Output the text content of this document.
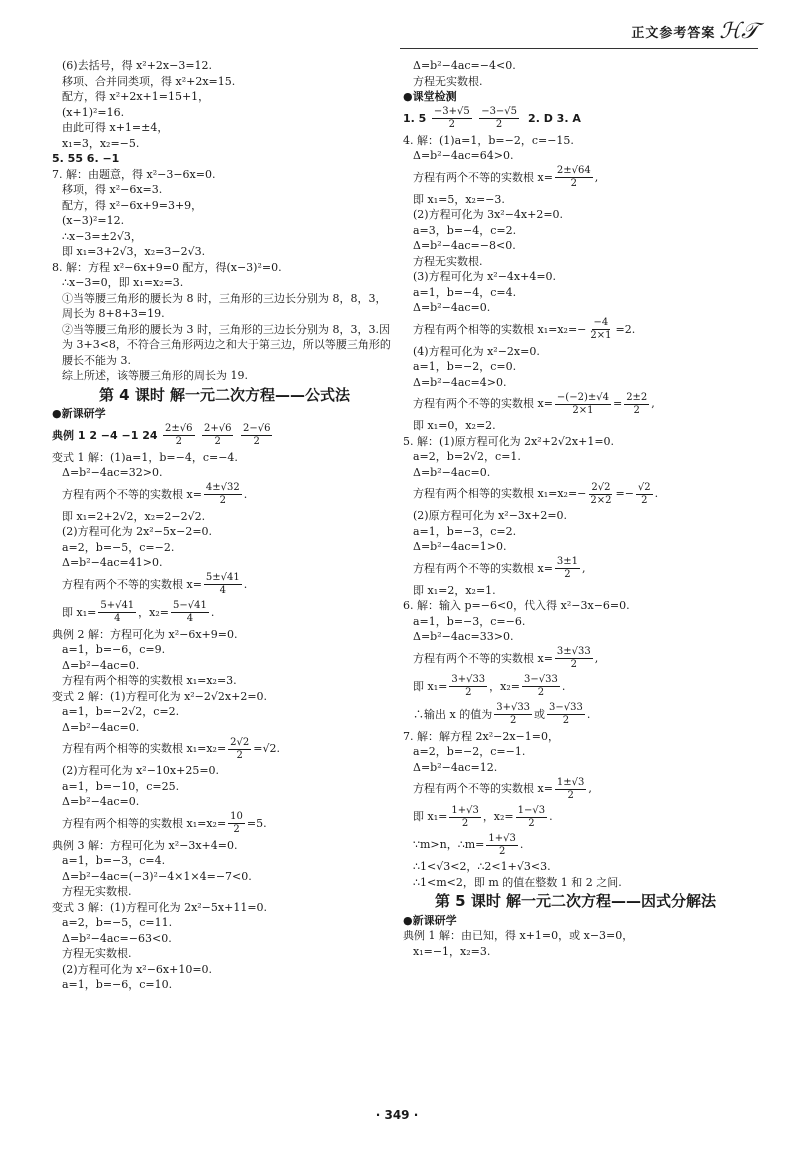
正文参考答案 ℋ𝒯
(6)去括号，得 x²+2x−3=12.
移项、合并同类项，得 x²+2x=15.
配方，得 x²+2x+1=15+1，
(x+1)²=16.
由此可得 x+1=±4，
x₁=3，x₂=−5.
5. 55 6. −1
7. 解：由题意，得 x²−3−6x=0.
移项，得 x²−6x=3.
配方，得 x²−6x+9=3+9，
(x−3)²=12.
∴x−3=±2√3，
即 x₁=3+2√3，x₂=3−2√3.
8. 解：方程 x²−6x+9=0 配方，得(x−3)²=0.
∴x−3=0，即 x₁=x₂=3.
①当等腰三角形的腰长为 8 时，三角形的三边长分别为 8，8，3，周长为 8+8+3=19.
②当等腰三角形的腰长为 3 时，三角形的三边长分别为 8，3，3.因为 3+3<8，不符合三角形两边之和大于第三边，所以等腰三角形的腰长不能为 3.
综上所述，该等腰三角形的周长为 19.
第 4 课时 解一元二次方程——公式法
●新课研学
典例 1 2 −4 −1 24
$\frac{2\pm√6}{2}$
$\frac{2+√6}{2}$
$\frac{2-√6}{2}$
变式 1 解：(1)a=1，b=−4，c=−4.
Δ=b²−4ac=32>0.
方程有两个不等的实数根 $x= \frac{4\pm√32}{2}$ .
即 x₁=2+2√2，x₂=2−2√2.
(2)方程可化为 2x²−5x−2=0.
a=2，b=−5，c=−2.
Δ=b²−4ac=41>0.
方程有两个不等的实数根 $x= \frac{5\pm√41}{4}$ .
即 $x_1= \frac{5+√41}{4}$ ，$x_2= \frac{5-√41}{4}$ .
典例 2 解：方程可化为 x²−6x+9=0.
a=1，b=−6，c=9.
Δ=b²−4ac=0.
方程有两个相等的实数根 x₁=x₂=3.
变式 2 解：(1)方程可化为 x²−2√2x+2=0.
a=1，b=−2√2，c=2.
Δ=b²−4ac=0.
方程有两个相等的实数根 $x_1=x_2= \frac{2√2}{2} =√2$.
(2)方程可化为 x²−10x+25=0.
a=1，b=−10，c=25.
Δ=b²−4ac=0.
方程有两个相等的实数根 $x_1=x_2= \frac{10}{2} =5$.
典例 3 解：方程可化为 x²−3x+4=0.
a=1，b=−3，c=4.
Δ=b²−4ac=(−3)²−4×1×4=−7<0.
方程无实数根.
变式 3 解：(1)方程可化为 2x²−5x+11=0.
a=2，b=−5，c=11.
Δ=b²−4ac=−63<0.
方程无实数根.
(2)方程可化为 x²−6x+10=0.
a=1，b=−6，c=10.
Δ=b²−4ac=−4<0.
方程无实数根.
●课堂检测
1. 5
$\frac{-3+√5}{2}$
$\frac{-3-√5}{2}$
2. D 3. A
4. 解：(1)a=1，b=−2，c=−15.
Δ=b²−4ac=64>0.
方程有两个不等的实数根 $x= \frac{2\pm√64}{2}$ ,
即 x₁=5，x₂=−3.
(2)方程可化为 3x²−4x+2=0.
a=3，b=−4，c=2.
Δ=b²−4ac=−8<0.
方程无实数根.
(3)方程可化为 x²−4x+4=0.
a=1，b=−4，c=4.
Δ=b²−4ac=0.
方程有两个相等的实数根 $x_1=x_2=- \frac{-4}{2\times 1} =2$.
(4)方程可化为 x²−2x=0.
a=1，b=−2，c=0.
Δ=b²−4ac=4>0.
方程有两个不等的实数根 $x= \frac{-(-2)\pm√4}{2\times 1} = \frac{2\pm 2}{2}$ ,
即 x₁=0，x₂=2.
5. 解：(1)原方程可化为 2x²+2√2x+1=0.
a=2，b=2√2，c=1.
Δ=b²−4ac=0.
方程有两个相等的实数根 $x_1=x_2=- \frac{2√2}{2\times 2} =- \frac{√2}{2}$ .
(2)原方程可化为 x²−3x+2=0.
a=1，b=−3，c=2.
Δ=b²−4ac=1>0.
方程有两个不等的实数根 $x= \frac{3\pm 1}{2}$ ,
即 x₁=2，x₂=1.
6. 解：输入 p=−6<0，代入得 x²−3x−6=0.
a=1，b=−3，c=−6.
Δ=b²−4ac=33>0.
方程有两个不等的实数根 $x= \frac{3\pm√33}{2}$ ,
即 $x_1= \frac{3+√33}{2}$ ，$x_2= \frac{3-√33}{2}$ .
∴输出 x 的值为 $\frac{3+√33}{2}$ 或 $\frac{3-√33}{2}$ .
7. 解：解方程 2x²−2x−1=0，
a=2，b=−2，c=−1.
Δ=b²−4ac=12.
方程有两个不等的实数根 $x= \frac{1\pm√3}{2}$ ,
即 $x_1= \frac{1+√3}{2}$ ，$x_2= \frac{1-√3}{2}$ .
∵m>n，∴m= $\frac{1+√3}{2}$ .
∴1<√3<2，∴2<1+√3<3.
∴1<m<2，即 m 的值在整数 1 和 2 之间.
第 5 课时 解一元二次方程——因式分解法
●新课研学
典例 1 解：由已知，得 x+1=0，或 x−3=0，
x₁=−1，x₂=3.
· 349 ·
